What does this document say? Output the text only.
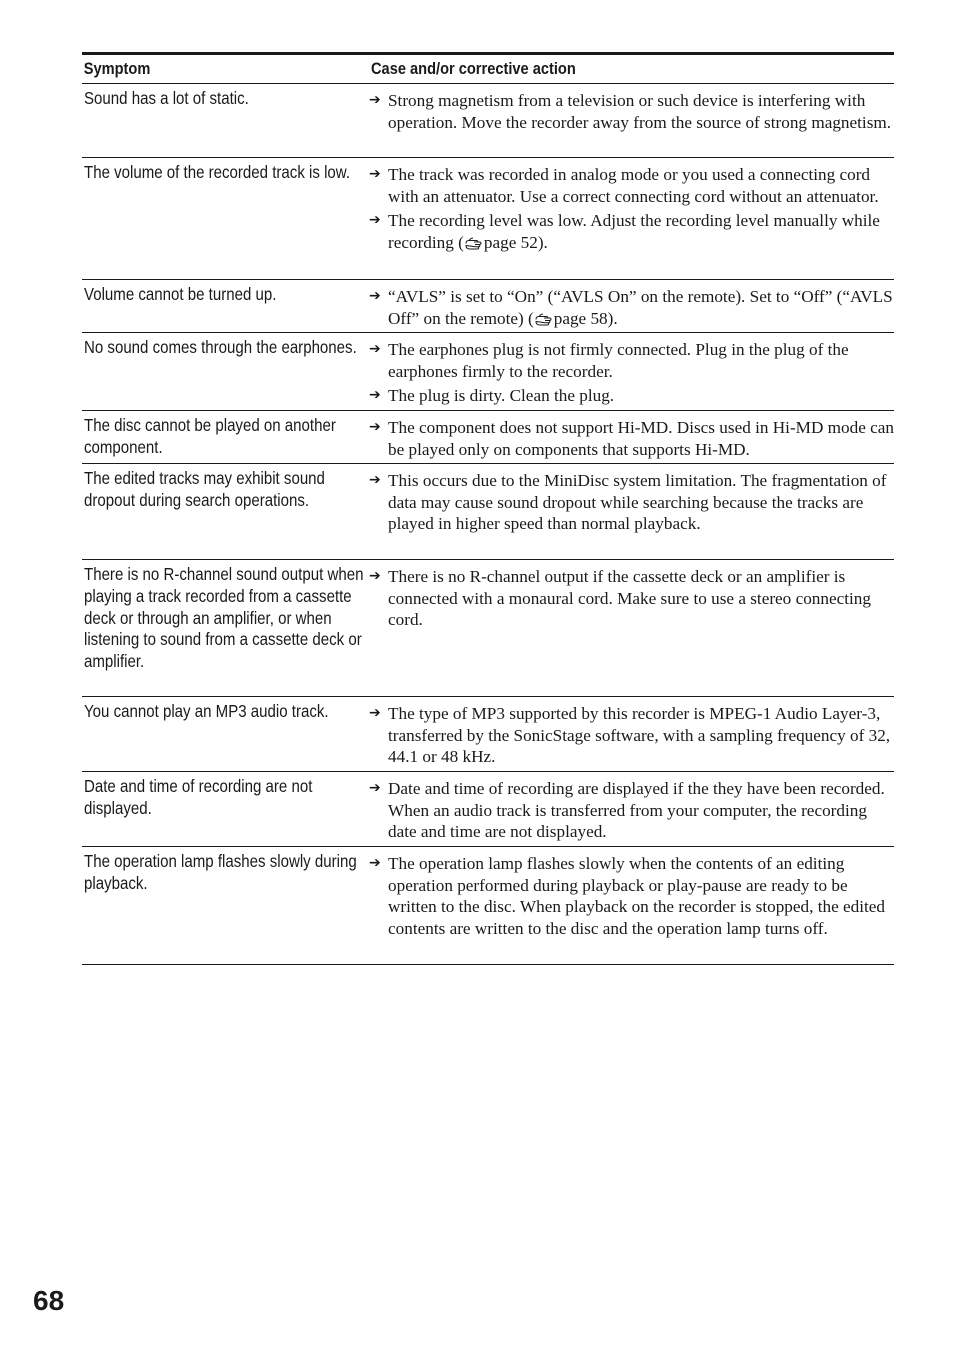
Symptom	Case and/or corrective action
Sound has a lot of static.	➔ Strong magnetism from a television or such device is interfering with operation. Move the recorder away from the source of strong magnetism.
The volume of the recorded track is low.	➔ The track was recorded in analog mode or you used a connecting cord with an attenuator. Use a correct connecting cord without an attenuator.
➔ The recording level was low. Adjust the recording level manually while recording ( page 52).
Volume cannot be turned up.	➔ “AVLS” is set to “On” (“AVLS On” on the remote). Set to “Off” (“AVLS Off” on the remote) ( page 58).
No sound comes through the earphones. ➔ The earphones plug is not firmly connected. Plug in the plug of the earphones firmly to the recorder.
➔ The plug is dirty. Clean the plug.
The disc cannot be played on another component.
➔ The component does not support Hi-MD. Discs used in Hi-MD mode can be played only on components that supports Hi-MD.
The edited tracks may exhibit sound dropout during search operations.
➔ This occurs due to the MiniDisc system limitation. The fragmentation of data may cause sound dropout while searching because the tracks are played in higher speed than normal playback.
There is no R-channel sound output when playing a track recorded from a cassette deck or through an amplifier, or when listening to sound from a cassette deck or amplifier.
➔ There is no R-channel output if the cassette deck or an amplifier is connected with a monaural cord. Make sure to use a stereo connecting cord.
You cannot play an MP3 audio track.	➔ The type of MP3 supported by this recorder is MPEG-1 Audio Layer-3, transferred by the SonicStage software, with a sampling frequency of 32, 44.1 or 48 kHz.
Date and time of recording are not displayed.
➔ Date and time of recording are displayed if the they have been recorded. When an audio track is transferred from your computer, the recording date and time are not displayed.
The operation lamp flashes slowly during playback.
➔ The operation lamp flashes slowly when the contents of an editing operation performed during playback or play-pause are ready to be written to the disc. When playback on the recorder is stopped, the edited contents are written to the disc and the operation lamp turns off.
68
